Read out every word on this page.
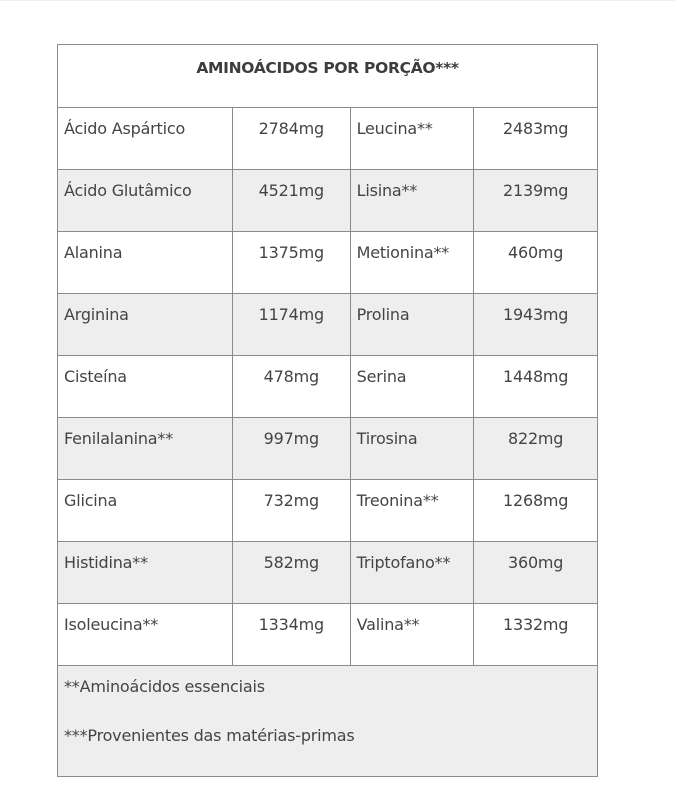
AMINOÁCIDOS POR PORÇÃO***			

Ácido Aspártico	2784mg	Leucina**	2483mg

Ácido Glutâmico	4521mg	Lisina**	2139mg

Alanina	1375mg	Metionina**	460mg

Arginina	1174mg	Prolina	1943mg

Cisteína	478mg	Serina	1448mg

Fenilalanina**	997mg	Tirosina	822mg

Glicina	732mg	Treonina**	1268mg

Histidina**	582mg	Triptofano**	360mg

Isoleucina**	1334mg	Valina**	1332mg

**Aminoácidos essenciais
***Provenientes das matérias-primas			
